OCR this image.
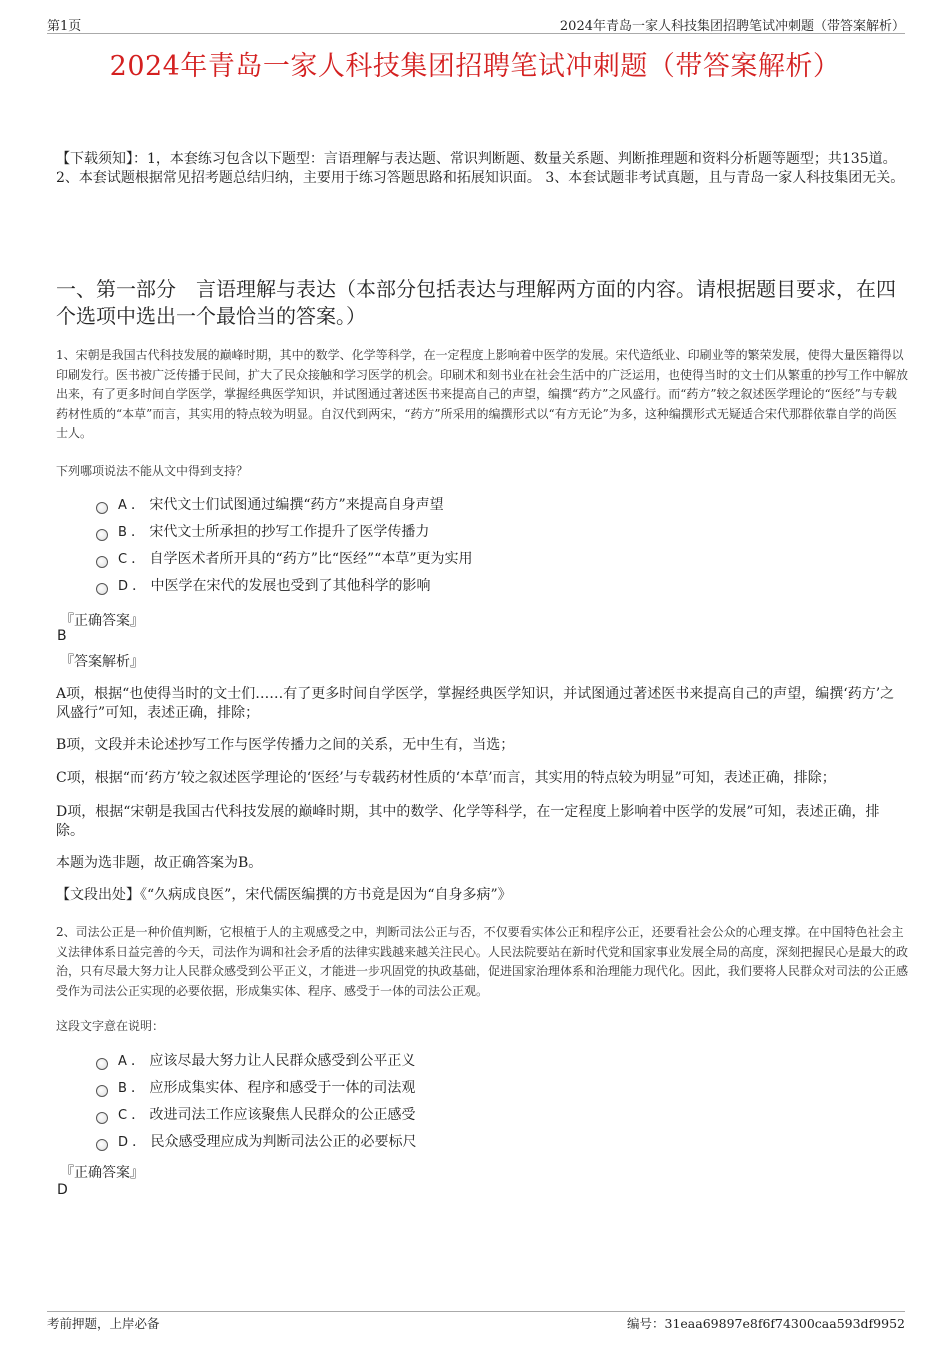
第1页	2024年青岛一家人科技集团招聘笔试冲刺题（带答案解析）
2024年青岛一家人科技集团招聘笔试冲刺题（带答案解析）
【下载须知】：1，本套练习包含以下题型：言语理解与表达题、常识判断题、数量关系题、判断推理题和资料分析题等题型；共135道。 2、本套试题根据常见招考题总结归纳，主要用于练习答题思路和拓展知识面。 3、本套试题非考试真题，且与青岛一家人科技集团无关。
一、第一部分　言语理解与表达（本部分包括表达与理解两方面的内容。请根据题目要求，在四个选项中选出一个最恰当的答案。）
1、宋朝是我国古代科技发展的巅峰时期，其中的数学、化学等科学，在一定程度上影响着中医学的发展。宋代造纸业、印刷业等的繁荣发展，使得大量医籍得以印刷发行。医书被广泛传播于民间，扩大了民众接触和学习医学的机会。印刷术和刻书业在社会生活中的广泛运用，也使得当时的文士们从繁重的抄写工作中解放出来，有了更多时间自学医学，掌握经典医学知识，并试图通过著述医书来提高自己的声望，编撰“药方”之风盛行。而“药方”较之叙述医学理论的“医经”与专载药材性质的“本草”而言，其实用的特点较为明显。自汉代到两宋，“药方”所采用的编撰形式以“有方无论”为多，这种编撰形式无疑适合宋代那群依靠自学的尚医士人。
下列哪项说法不能从文中得到支持？
A . 宋代文士们试图通过编撰“药方”来提高自身声望
B . 宋代文士所承担的抄写工作提升了医学传播力
C . 自学医术者所开具的“药方”比“医经”“本草”更为实用
D . 中医学在宋代的发展也受到了其他科学的影响
『正确答案』
B
『答案解析』
A项，根据“也使得当时的文士们……有了更多时间自学医学，掌握经典医学知识，并试图通过著述医书来提高自己的声望，编撰‘药方’之风盛行”可知，表述正确，排除；
B项，文段并未论述抄写工作与医学传播力之间的关系，无中生有，当选；
C项，根据“而‘药方’较之叙述医学理论的‘医经’与专载药材性质的‘本草’而言，其实用的特点较为明显”可知，表述正确，排除；
D项，根据“宋朝是我国古代科技发展的巅峰时期，其中的数学、化学等科学，在一定程度上影响着中医学的发展”可知，表述正确，排除。
本题为选非题，故正确答案为B。
【文段出处】《“久病成良医”，宋代儒医编撰的方书竟是因为“自身多病”》
2、司法公正是一种价值判断，它根植于人的主观感受之中，判断司法公正与否，不仅要看实体公正和程序公正，还要看社会公众的心理支撑。在中国特色社会主义法律体系日益完善的今天，司法作为调和社会矛盾的法律实践越来越关注民心。人民法院要站在新时代党和国家事业发展全局的高度，深刻把握民心是最大的政治，只有尽最大努力让人民群众感受到公平正义，才能进一步巩固党的执政基础，促进国家治理体系和治理能力现代化。因此，我们要将人民群众对司法的公正感受作为司法公正实现的必要依据，形成集实体、程序、感受于一体的司法公正观。
这段文字意在说明：
A . 应该尽最大努力让人民群众感受到公平正义
B . 应形成集实体、程序和感受于一体的司法观
C . 改进司法工作应该聚焦人民群众的公正感受
D . 民众感受理应成为判断司法公正的必要标尺
『正确答案』
D
考前押题，上岸必备	编号：31eaa69897e8f6f74300caa593df9952
